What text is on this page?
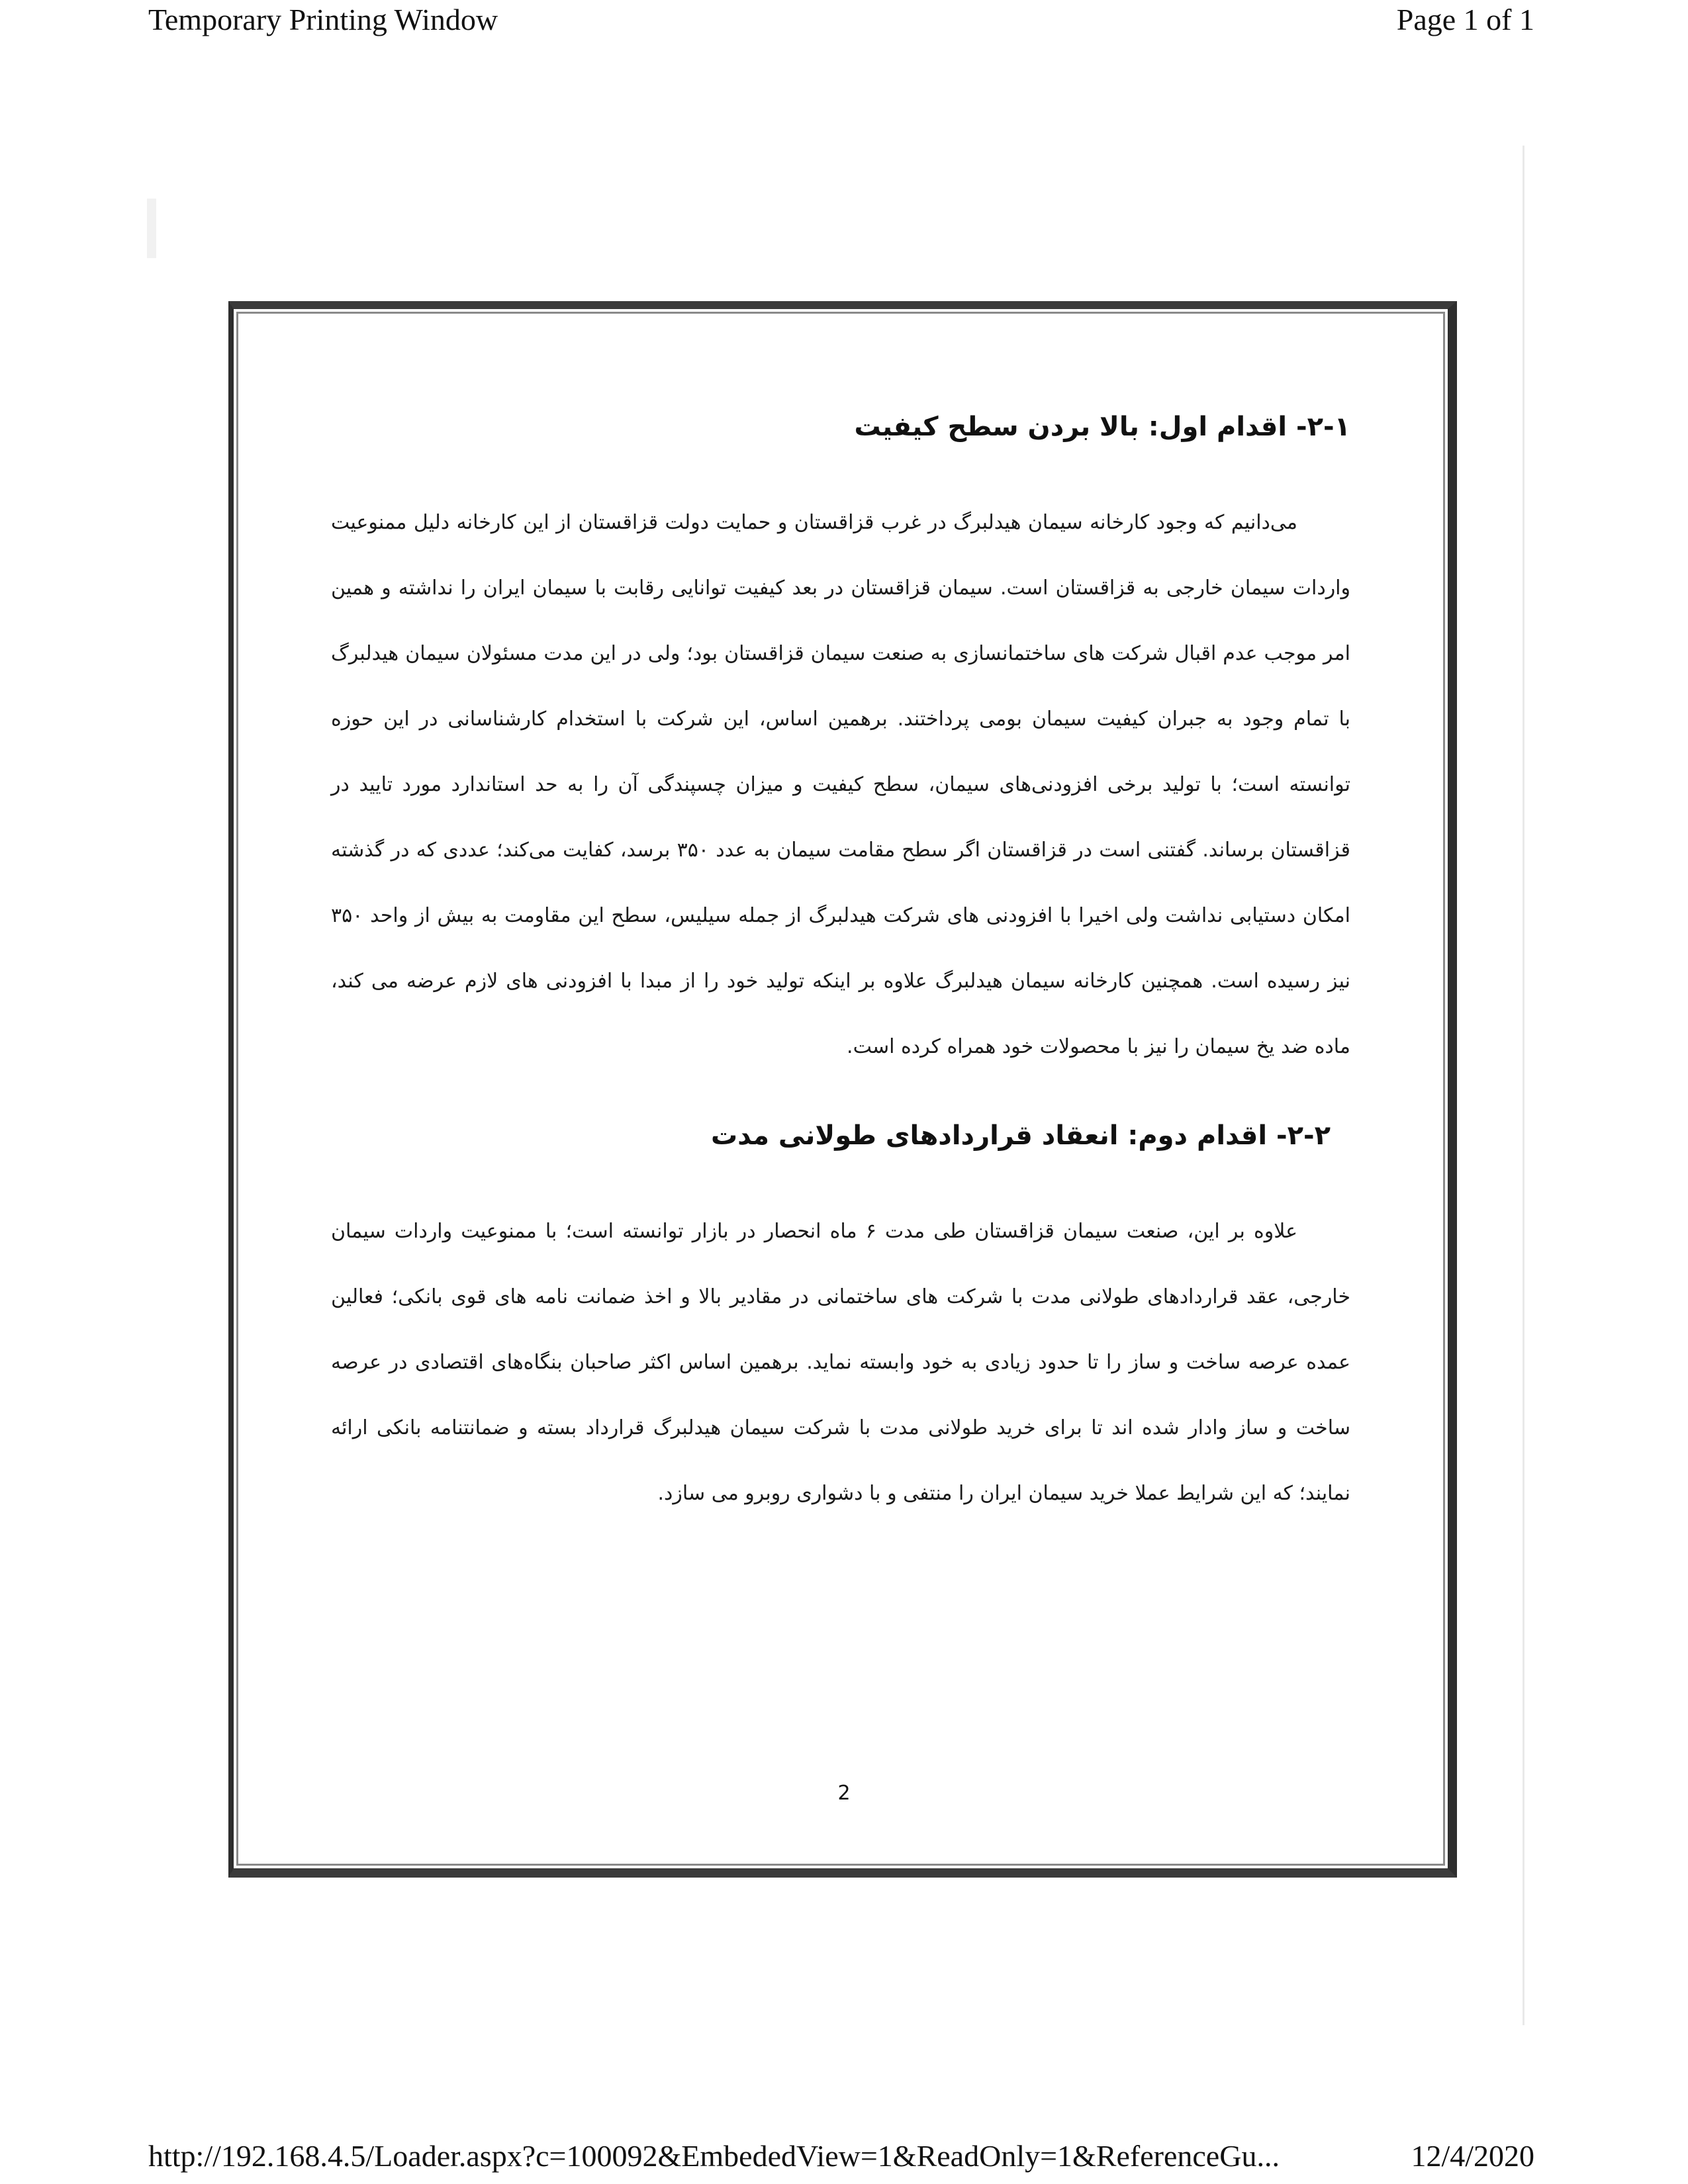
Temporary Printing Window	Page 1 of 1
۲-۱- اقدام اول: بالا بردن سطح کیفیت

می‌دانیم که وجود کارخانه سیمان هیدلبرگ در غرب قزاقستان و حمایت دولت قزاقستان از این کارخانه دلیل ممنوعیت واردات سیمان خارجی به قزاقستان است. سیمان قزاقستان در بعد کیفیت توانایی رقابت با سیمان ایران را نداشته و همین امر موجب عدم اقبال شرکت های ساختمانسازی به صنعت سیمان قزاقستان بود؛ ولی در این مدت مسئولان سیمان هیدلبرگ با تمام وجود به جبران کیفیت سیمان بومی پرداختند. برهمین اساس، این شرکت با استخدام کارشناسانی در این حوزه توانسته است؛ با تولید برخی افزودنی‌های سیمان، سطح کیفیت و میزان چسپندگی آن را به حد استاندارد مورد تایید در قزاقستان برساند. گفتنی است در قزاقستان اگر سطح مقامت سیمان به عدد ۳۵۰ برسد، کفایت می‌کند؛ عددی که در گذشته امکان دستیابی نداشت ولی اخیرا با افزودنی های شرکت هیدلبرگ از جمله سیلیس، سطح این مقاومت به بیش از واحد ۳۵۰ نیز رسیده است. همچنین کارخانه سیمان هیدلبرگ علاوه بر اینکه تولید خود را از مبدا با افزودنی های لازم عرضه می کند، ماده ضد یخ سیمان را نیز با محصولات خود همراه کرده است.

۲-۲- اقدام دوم: انعقاد قراردادهای طولانی مدت

علاوه بر این، صنعت سیمان قزاقستان طی مدت ۶ ماه انحصار در بازار توانسته است؛ با ممنوعیت واردات سیمان خارجی، عقد قراردادهای طولانی مدت با شرکت های ساختمانی در مقادیر بالا و اخذ ضمانت نامه های قوی بانکی؛ فعالین عمده عرصه ساخت و ساز را تا حدود زیادی به خود وابسته نماید. برهمین اساس اکثر صاحبان بنگاه‌های اقتصادی در عرصه ساخت و ساز وادار شده اند تا برای خرید طولانی مدت با شرکت سیمان هیدلبرگ قرارداد بسته و ضمانتنامه بانکی ارائه نمایند؛ که این شرایط عملا خرید سیمان ایران را منتفی و با دشواری روبرو می سازد.

2
http://192.168.4.5/Loader.aspx?c=100092&EmbededView=1&ReadOnly=1&ReferenceGu...	12/4/2020
